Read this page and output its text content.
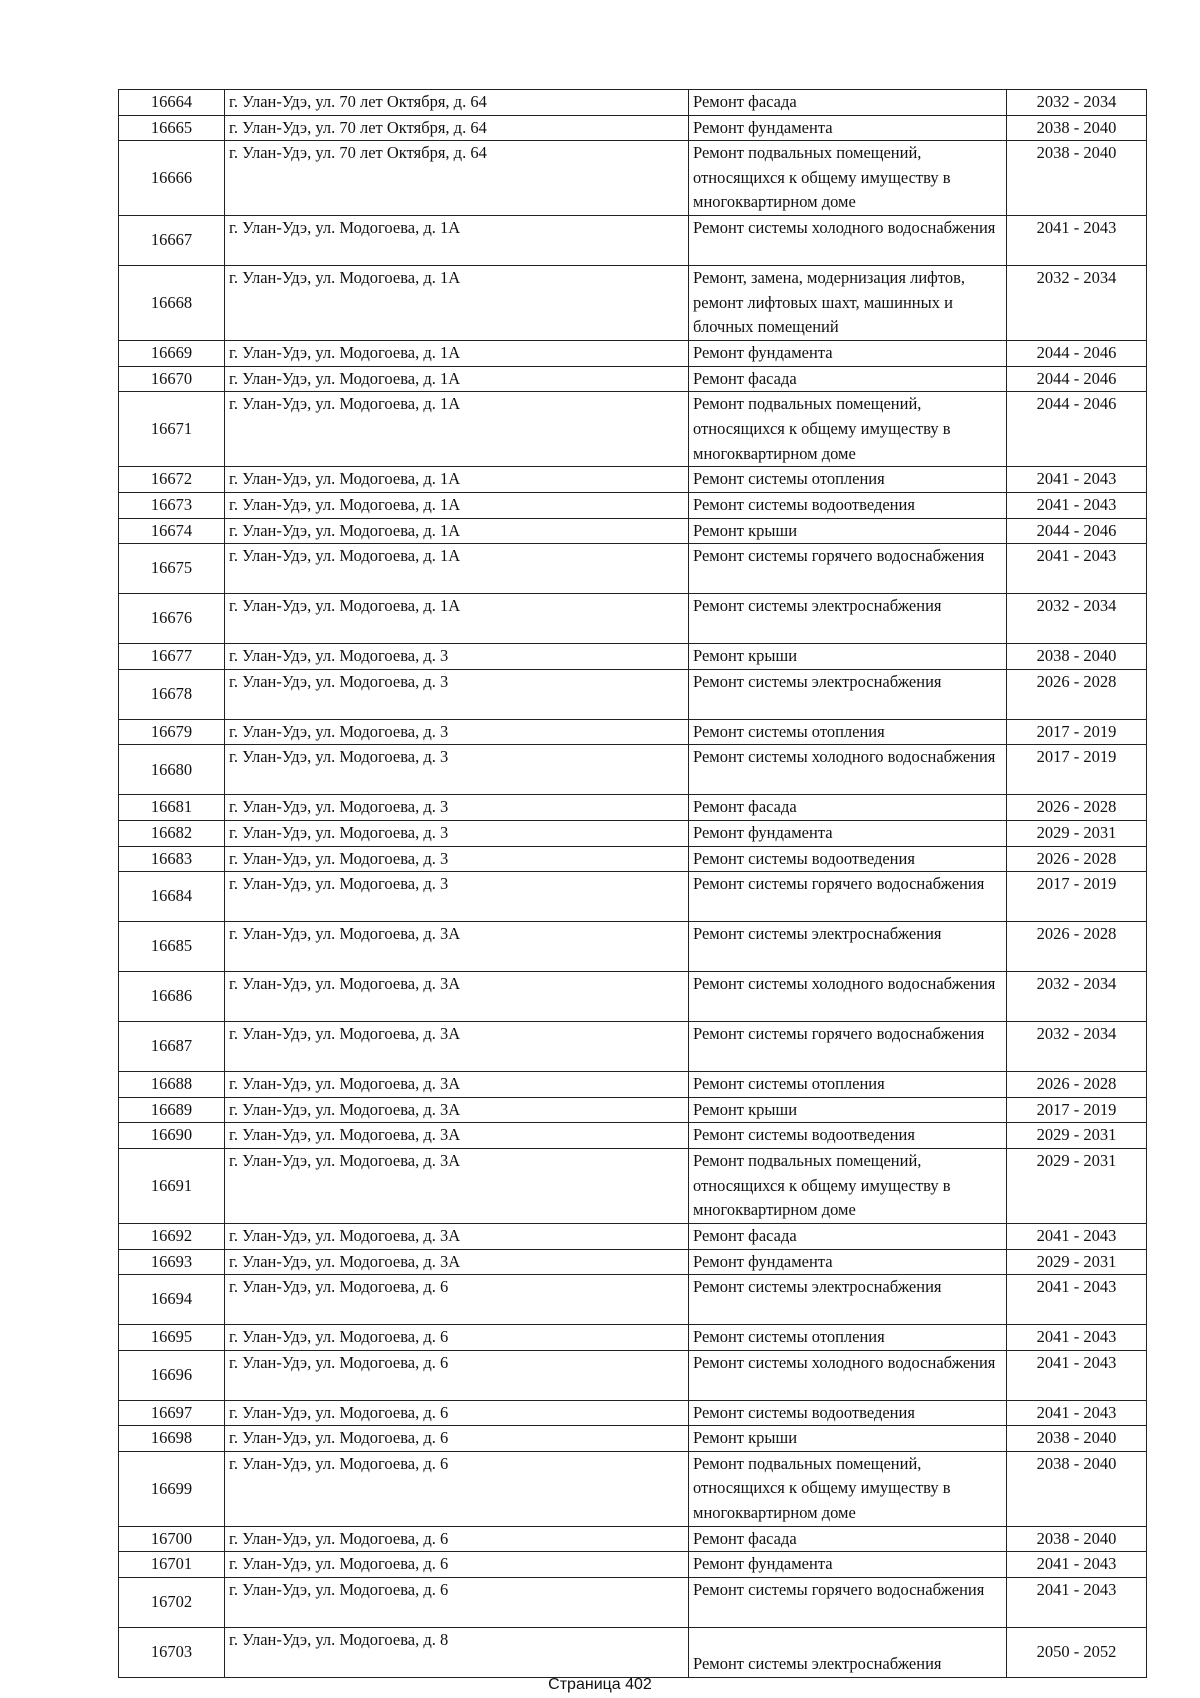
16664	г. Улан-Удэ, ул. 70 лет Октября, д. 64	Ремонт фасада	2032 - 2034
16665	г. Улан-Удэ, ул. 70 лет Октября, д. 64	Ремонт фундамента	2038 - 2040
16666	г. Улан-Удэ, ул. 70 лет Октября, д. 64	Ремонт подвальных помещений, относящихся к общему имуществу в многоквартирном доме	2038 - 2040
16667	г. Улан-Удэ, ул. Модогоева, д. 1А	Ремонт системы холодного водоснабжения	2041 - 2043
16668	г. Улан-Удэ, ул. Модогоева, д. 1А	Ремонт, замена, модернизация лифтов, ремонт лифтовых шахт, машинных и блочных помещений	2032 - 2034
16669	г. Улан-Удэ, ул. Модогоева, д. 1А	Ремонт фундамента	2044 - 2046
16670	г. Улан-Удэ, ул. Модогоева, д. 1А	Ремонт фасада	2044 - 2046
16671	г. Улан-Удэ, ул. Модогоева, д. 1А	Ремонт подвальных помещений, относящихся к общему имуществу в многоквартирном доме	2044 - 2046
16672	г. Улан-Удэ, ул. Модогоева, д. 1А	Ремонт системы отопления	2041 - 2043
16673	г. Улан-Удэ, ул. Модогоева, д. 1А	Ремонт системы водоотведения	2041 - 2043
16674	г. Улан-Удэ, ул. Модогоева, д. 1А	Ремонт крыши	2044 - 2046
16675	г. Улан-Удэ, ул. Модогоева, д. 1А	Ремонт системы горячего водоснабжения	2041 - 2043
16676	г. Улан-Удэ, ул. Модогоева, д. 1А	Ремонт системы электроснабжения	2032 - 2034
16677	г. Улан-Удэ, ул. Модогоева, д. 3	Ремонт крыши	2038 - 2040
16678	г. Улан-Удэ, ул. Модогоева, д. 3	Ремонт системы электроснабжения	2026 - 2028
16679	г. Улан-Удэ, ул. Модогоева, д. 3	Ремонт системы отопления	2017 - 2019
16680	г. Улан-Удэ, ул. Модогоева, д. 3	Ремонт системы холодного водоснабжения	2017 - 2019
16681	г. Улан-Удэ, ул. Модогоева, д. 3	Ремонт фасада	2026 - 2028
16682	г. Улан-Удэ, ул. Модогоева, д. 3	Ремонт фундамента	2029 - 2031
16683	г. Улан-Удэ, ул. Модогоева, д. 3	Ремонт системы водоотведения	2026 - 2028
16684	г. Улан-Удэ, ул. Модогоева, д. 3	Ремонт системы горячего водоснабжения	2017 - 2019
16685	г. Улан-Удэ, ул. Модогоева, д. 3А	Ремонт системы электроснабжения	2026 - 2028
16686	г. Улан-Удэ, ул. Модогоева, д. 3А	Ремонт системы холодного водоснабжения	2032 - 2034
16687	г. Улан-Удэ, ул. Модогоева, д. 3А	Ремонт системы горячего водоснабжения	2032 - 2034
16688	г. Улан-Удэ, ул. Модогоева, д. 3А	Ремонт системы отопления	2026 - 2028
16689	г. Улан-Удэ, ул. Модогоева, д. 3А	Ремонт крыши	2017 - 2019
16690	г. Улан-Удэ, ул. Модогоева, д. 3А	Ремонт системы водоотведения	2029 - 2031
16691	г. Улан-Удэ, ул. Модогоева, д. 3А	Ремонт подвальных помещений, относящихся к общему имуществу в многоквартирном доме	2029 - 2031
16692	г. Улан-Удэ, ул. Модогоева, д. 3А	Ремонт фасада	2041 - 2043
16693	г. Улан-Удэ, ул. Модогоева, д. 3А	Ремонт фундамента	2029 - 2031
16694	г. Улан-Удэ, ул. Модогоева, д. 6	Ремонт системы электроснабжения	2041 - 2043
16695	г. Улан-Удэ, ул. Модогоева, д. 6	Ремонт системы отопления	2041 - 2043
16696	г. Улан-Удэ, ул. Модогоева, д. 6	Ремонт системы холодного водоснабжения	2041 - 2043
16697	г. Улан-Удэ, ул. Модогоева, д. 6	Ремонт системы водоотведения	2041 - 2043
16698	г. Улан-Удэ, ул. Модогоева, д. 6	Ремонт крыши	2038 - 2040
16699	г. Улан-Удэ, ул. Модогоева, д. 6	Ремонт подвальных помещений, относящихся к общему имуществу в многоквартирном доме	2038 - 2040
16700	г. Улан-Удэ, ул. Модогоева, д. 6	Ремонт фасада	2038 - 2040
16701	г. Улан-Удэ, ул. Модогоева, д. 6	Ремонт фундамента	2041 - 2043
16702	г. Улан-Удэ, ул. Модогоева, д. 6	Ремонт системы горячего водоснабжения	2041 - 2043
16703	г. Улан-Удэ, ул. Модогоева, д. 8	Ремонт системы электроснабжения	2050 - 2052
Страница 402
